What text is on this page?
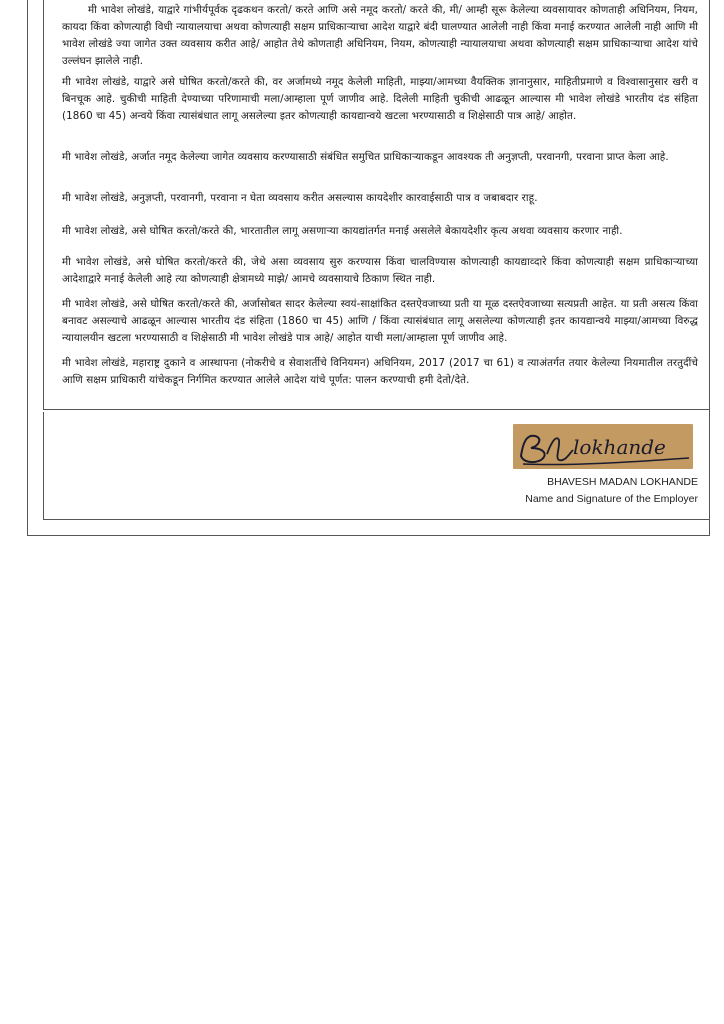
मी भावेश लोखंडे, याद्वारे गांभीर्यपूर्वक दृढकथन करतो/ करते आणि असे नमूद करतो/ करते की, मी/ आम्ही सूरू केलेल्या व्यवसायावर कोणताही अधिनियम, नियम, कायदा किंवा कोणत्याही विधी न्यायालयाचा अथवा कोणत्याही सक्षम प्राधिकाऱ्याचा आदेश याद्वारे बंदी घालण्यात आलेली नाही किंवा मनाई करण्यात आलेली नाही आणि मी भावेश लोखंडे ज्या जागेत उक्त व्यवसाय करीत आहे/ आहोत तेथे कोणताही अधिनियम, नियम, कोणत्याही न्यायालयाचा अथवा कोणत्याही सक्षम प्राधिकाऱ्याचा आदेश यांचे उल्लंघन झालेले नाही.

मी भावेश लोखंडे, याद्वारे असे घोषित करतो/करते की, वर अर्जामध्ये नमूद केलेली माहिती, माझ्या/आमच्या वैयक्तिक ज्ञानानुसार, माहितीप्रमाणे व विश्वासानुसार खरी व बिनचूक आहे. चुकीची माहिती देण्याच्या परिणामाची मला/आम्हाला पूर्ण जाणीव आहे. दिलेली माहिती चुकीची आढळून आल्यास मी भावेश लोखंडे भारतीय दंड संहिता (1860 चा 45) अन्वये किंवा त्यासंबंधात लागू असलेल्या इतर कोणत्याही कायद्यान्वये खटला भरण्यासाठी व शिक्षेसाठी पात्र आहे/ आहोत.

मी भावेश लोखंडे, अर्जात नमूद केलेल्या जागेत व्यवसाय करण्यासाठी संबंधित समुचित प्राधिकाऱ्याकडून आवश्यक ती अनुज्ञप्ती, परवानगी, परवाना प्राप्त केला आहे.

मी भावेश लोखंडे, अनुज्ञप्ती, परवानगी, परवाना न घेता व्यवसाय करीत असल्यास कायदेशीर कारवाईसाठी पात्र व जबाबदार राहू.

मी भावेश लोखंडे, असे घोषित करतो/करते की, भारतातील लागू असणाऱ्या कायद्यांतर्गत मनाई असलेले बेकायदेशीर कृत्य अथवा व्यवसाय करणार नाही.

मी भावेश लोखंडे, असे घोषित करतो/करते की, जेथे असा व्यवसाय सुरु करण्यास किंवा चालविण्यास कोणत्याही कायद्याव्दारे किंवा कोणत्याही सक्षम प्राधिकाऱ्याच्या आदेशाद्वारे मनाई केलेली आहे त्या कोणत्याही क्षेत्रामध्ये माझे/ आमचे व्यवसायाचे ठिकाण स्थित नाही.

मी भावेश लोखंडे, असे घोषित करतो/करते की, अर्जासोबत सादर केलेल्या स्वयं-साक्षांकित दस्तऐवजाच्या प्रती या मूळ दस्तऐवजाच्या सत्यप्रती आहेत. या प्रती असत्य किंवा बनावट असल्याचे आढळून आल्यास भारतीय दंड संहिता (1860 चा 45) आणि / किंवा त्यासंबंधात लागू असलेल्या कोणत्याही इतर कायद्यान्वये माझ्या/आमच्या विरुद्ध न्यायालयीन खटला भरण्यासाठी व शिक्षेसाठी मी भावेश लोखंडे पात्र आहे/ आहोत याची मला/आम्हाला पूर्ण जाणीव आहे.

मी भावेश लोखंडे, महाराष्ट्र दुकाने व आस्थापना (नोकरीचे व सेवाशर्तीचे विनियमन) अधिनियम, 2017 (2017 चा 61) व त्याअंतर्गत तयार केलेल्या नियमातील तरतुदींचे आणि सक्षम प्राधिकारी यांचेकडून निर्गमित करण्यात आलेले आदेश यांचे पूर्णत: पालन करण्याची हमी देतो/देते.

lokhande
BHAVESH MADAN LOKHANDE
Name and Signature of the Employer
